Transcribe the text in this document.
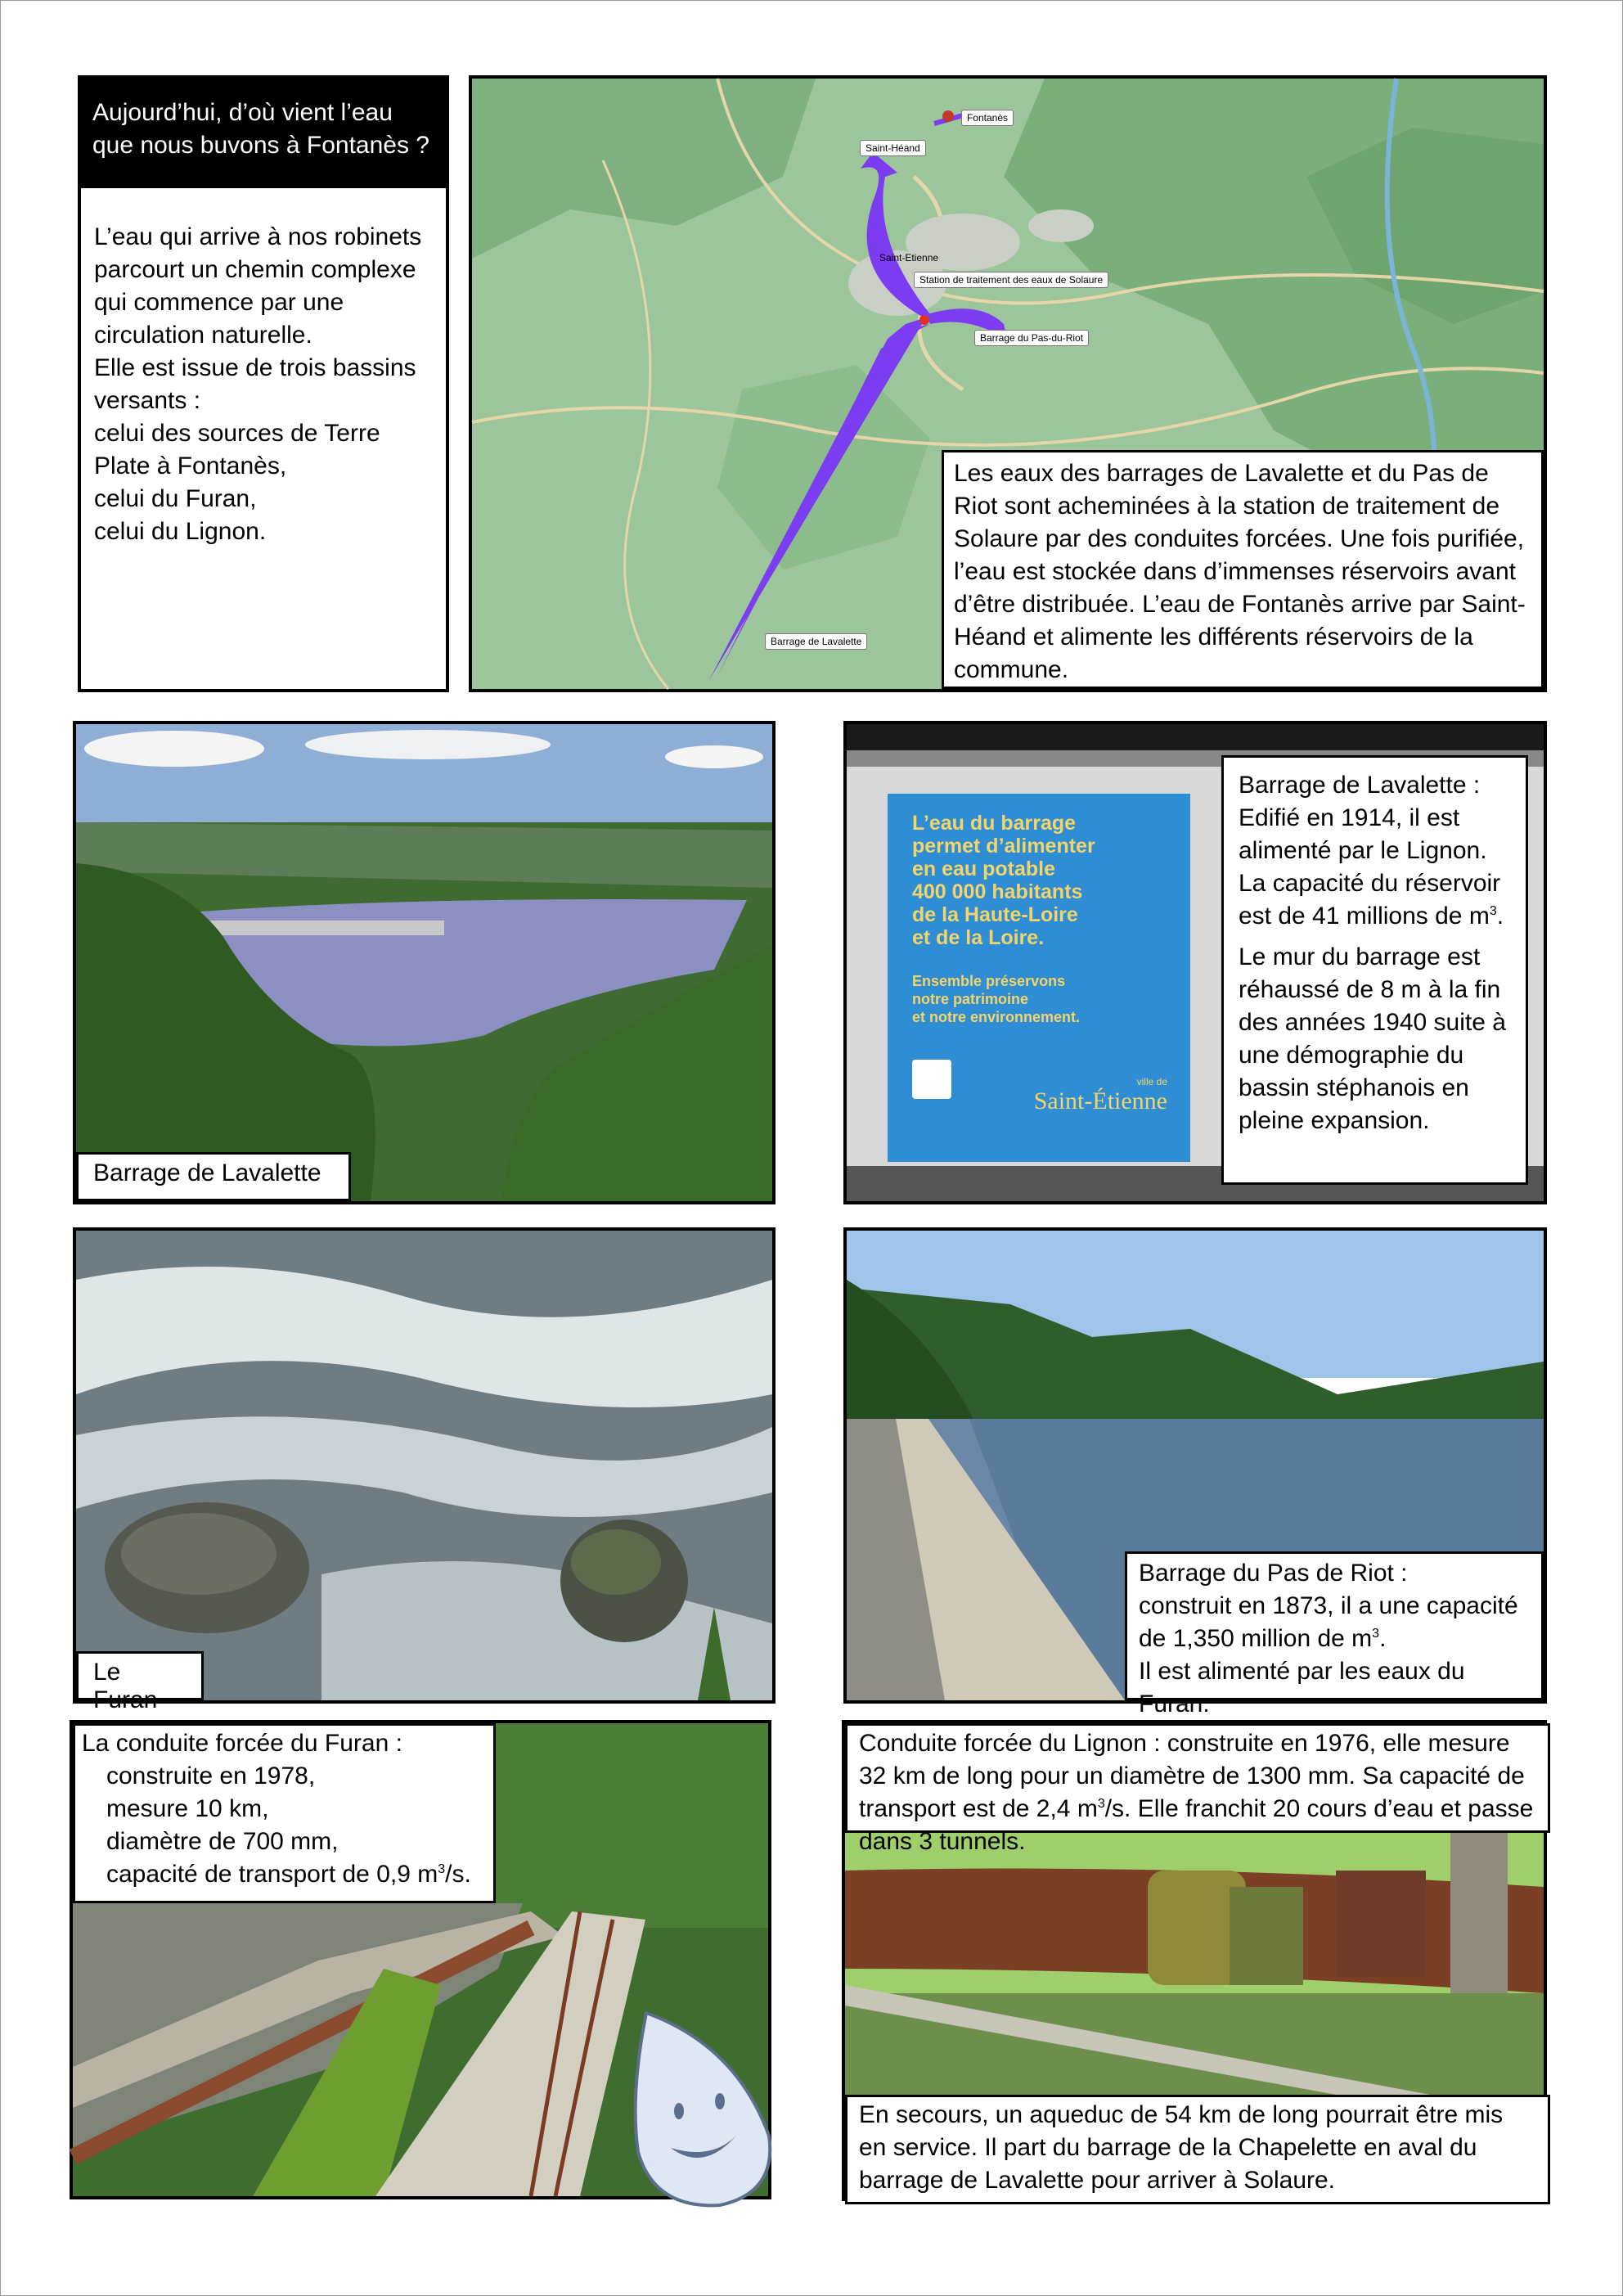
Aujourd’hui, d’où vient l’eau que nous buvons à Fontanès ?
L’eau qui arrive à nos robinets parcourt un chemin complexe qui commence par une circulation naturelle.
Elle est issue de trois bassins versants :
celui des sources de Terre Plate à Fontanès,
celui du Furan,
celui du Lignon.
Fontanès
Saint-Héand
Saint-Etienne
Station de traitement des eaux de Solaure
Barrage du Pas-du-Riot
Barrage de Lavalette
Les eaux des barrages de Lavalette et du Pas de Riot sont acheminées à la station de traitement de Solaure par des conduites forcées. Une fois purifiée, l’eau est stockée dans d’immenses réservoirs avant d’être distribuée. L’eau de Fontanès arrive par Saint-Héand et alimente les différents réservoirs de la commune.
Barrage de Lavalette
L’eau du barrage
permet d’alimenter
en eau potable
400 000 habitants
de la Haute-Loire
et de la Loire.
Ensemble préservons
notre patrimoine
et notre environnement.
ville de
Saint-Étienne
Barrage de Lavalette : Edifié en 1914, il est alimenté par le Lignon.
La capacité du réservoir est de 41 millions de $m^3$.
Le mur du barrage est réhaussé de 8 m à la fin des années 1940 suite à une démographie du bassin stéphanois en pleine expansion.
Le Furan
Barrage du Pas de Riot :
construit en 1873, il a une capacité
de 1,350 million de $m^3$.
Il est alimenté par les eaux du Furan.
La conduite forcée du Furan :
construite en 1978,
mesure 10 km,
diamètre de 700 mm,
capacité de transport de 0,9 $m^3/s$.
Conduite forcée du Lignon : construite en 1976, elle mesure 32 km de long pour un diamètre de 1300 mm. Sa capacité de transport est de 2,4 $m^3/s$. Elle franchit 20 cours d’eau et passe dans 3 tunnels.
En secours, un aqueduc de 54 km de long pourrait être mis en service. Il part du barrage de la Chapelette en aval du barrage de Lavalette pour arriver à Solaure.
